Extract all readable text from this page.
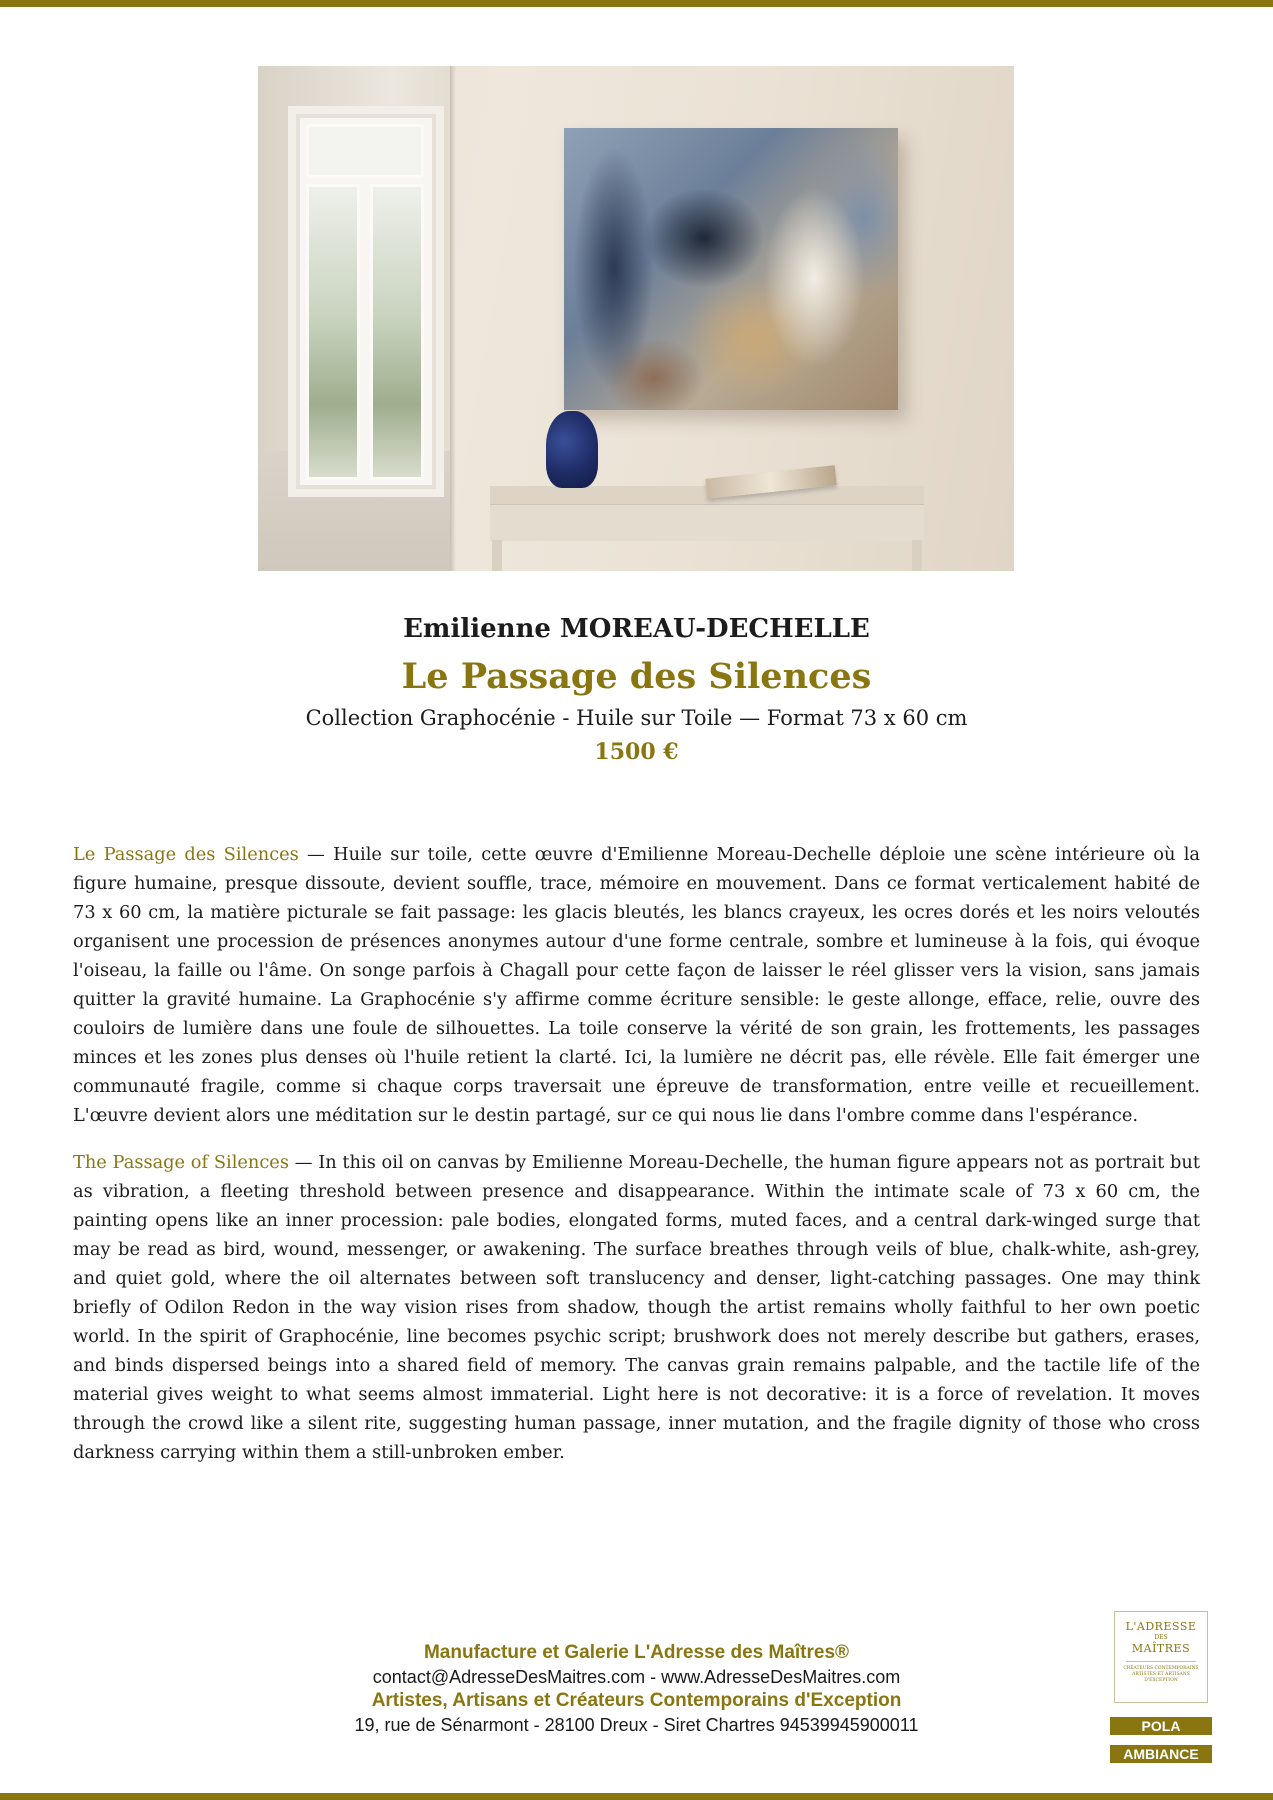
Emilienne MOREAU-DECHELLE
Le Passage des Silences
Collection Graphocénie - Huile sur Toile — Format 73 x 60 cm
1500 €

Le Passage des Silences — Huile sur toile, cette œuvre d'Emilienne Moreau-Dechelle déploie une scène intérieure où la figure humaine, presque dissoute, devient souffle, trace, mémoire en mouvement. Dans ce format verticalement habité de 73 x 60 cm, la matière picturale se fait passage: les glacis bleutés, les blancs crayeux, les ocres dorés et les noirs veloutés organisent une procession de présences anonymes autour d'une forme centrale, sombre et lumineuse à la fois, qui évoque l'oiseau, la faille ou l'âme. On songe parfois à Chagall pour cette façon de laisser le réel glisser vers la vision, sans jamais quitter la gravité humaine. La Graphocénie s'y affirme comme écriture sensible: le geste allonge, efface, relie, ouvre des couloirs de lumière dans une foule de silhouettes. La toile conserve la vérité de son grain, les frottements, les passages minces et les zones plus denses où l'huile retient la clarté. Ici, la lumière ne décrit pas, elle révèle. Elle fait émerger une communauté fragile, comme si chaque corps traversait une épreuve de transformation, entre veille et recueillement. L'œuvre devient alors une méditation sur le destin partagé, sur ce qui nous lie dans l'ombre comme dans l'espérance.

The Passage of Silences — In this oil on canvas by Emilienne Moreau-Dechelle, the human figure appears not as portrait but as vibration, a fleeting threshold between presence and disappearance. Within the intimate scale of 73 x 60 cm, the painting opens like an inner procession: pale bodies, elongated forms, muted faces, and a central dark-winged surge that may be read as bird, wound, messenger, or awakening. The surface breathes through veils of blue, chalk-white, ash-grey, and quiet gold, where the oil alternates between soft translucency and denser, light-catching passages. One may think briefly of Odilon Redon in the way vision rises from shadow, though the artist remains wholly faithful to her own poetic world. In the spirit of Graphocénie, line becomes psychic script; brushwork does not merely describe but gathers, erases, and binds dispersed beings into a shared field of memory. The canvas grain remains palpable, and the tactile life of the material gives weight to what seems almost immaterial. Light here is not decorative: it is a force of revelation. It moves through the crowd like a silent rite, suggesting human passage, inner mutation, and the fragile dignity of those who cross darkness carrying within them a still-unbroken ember.

Manufacture et Galerie L'Adresse des Maîtres®
contact@AdresseDesMaitres.com - www.AdresseDesMaitres.com
Artistes, Artisans et Créateurs Contemporains d'Exception
19, rue de Sénarmont - 28100 Dreux - Siret Chartres 94539945900011
L'ADRESSE
DES
MAÎTRES
CRÉATEURS CONTEMPORAINS ARTISTES ET ARTISANS D'EXCEPTION
POLA
AMBIANCE
